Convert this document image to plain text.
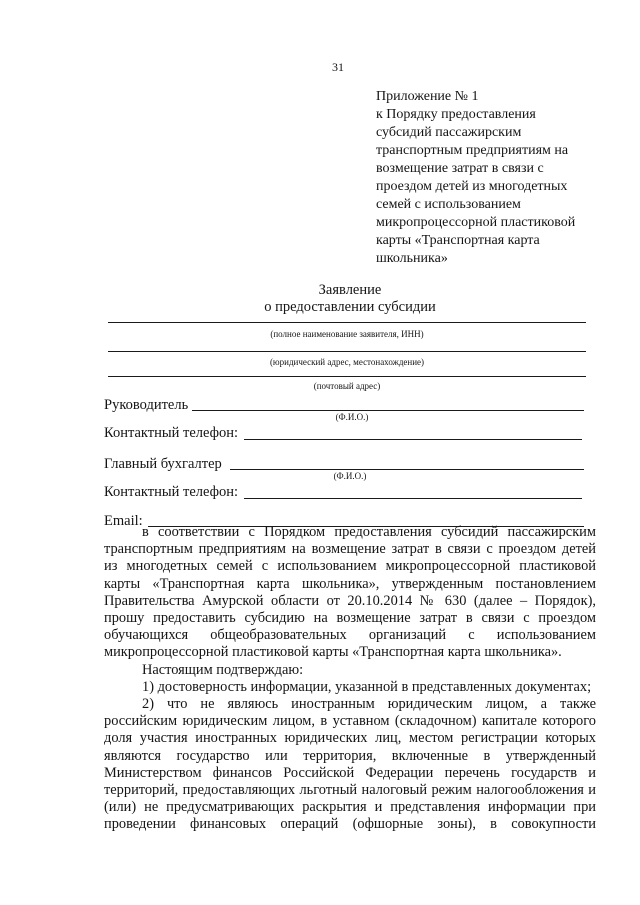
31
Приложение № 1
к Порядку предоставления
субсидий пассажирским
транспортным предприятиям на
возмещение затрат в связи с
проездом детей из многодетных
семей с использованием
микропроцессорной пластиковой
карты «Транспортная карта
школьника»
Заявление
о предоставлении субсидии
(полное наименование заявителя, ИНН)
(юридический адрес, местонахождение)
(почтовый адрес)
Руководитель
(Ф.И.О.)
Контактный телефон:
Главный бухгалтер
(Ф.И.О.)
Контактный телефон:
Email:

в соответствии с Порядком предоставления субсидий пассажирским

транспортным предприятиям на возмещение затрат в связи с проездом детей

из многодетных семей с использованием микропроцессорной пластиковой

карты «Транспортная карта школьника», утвержденным постановлением

Правительства Амурской области от 20.10.2014 № 630 (далее – Порядок),

прошу предоставить субсидию на возмещение затрат в связи с проездом

обучающихся общеобразовательных организаций с использованием

микропроцессорной пластиковой карты «Транспортная карта школьника».

Настоящим подтверждаю:

1) достоверность информации, указанной в представленных документах;

2) что не являюсь иностранным юридическим лицом, а также

российским юридическим лицом, в уставном (складочном) капитале которого

доля участия иностранных юридических лиц, местом регистрации которых

являются государство или территория, включенные в утвержденный

Министерством финансов Российской Федерации перечень государств и

территорий, предоставляющих льготный налоговый режим налогообложения и

(или) не предусматривающих раскрытия и представления информации при

проведении финансовых операций (офшорные зоны), в совокупности
